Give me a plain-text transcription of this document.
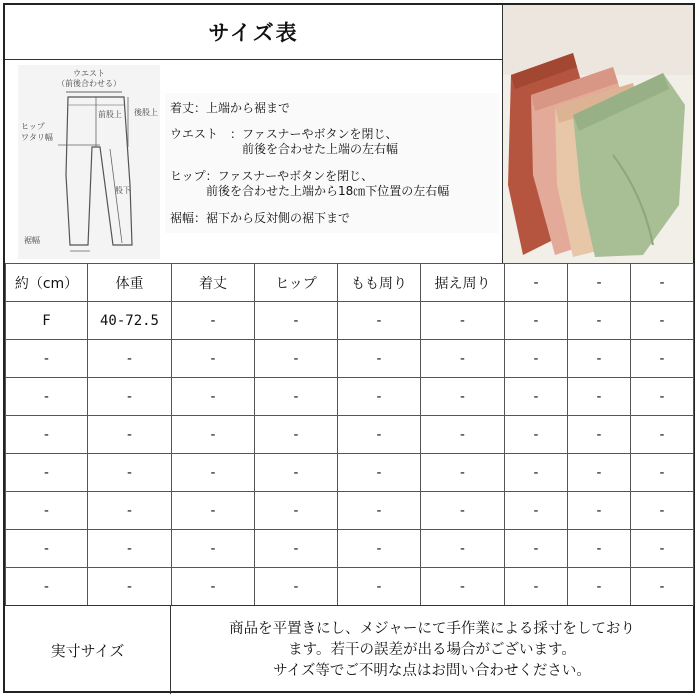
サイズ表
ウエスト
（前後合わせる）
ヒップ
ワタリ幅
後股上
前股上
股下
裾幅
着丈：上端から裾まで
ウエスト　：ファスナーやボタンを閉じ、
　　　　　　前後を合わせた上端の左右幅
ヒップ：ファスナーやボタンを閉じ、
　　　前後を合わせた上端から18㎝下位置の左右幅
裾幅：裾下から反対側の裾下まで
約（cm）	体重	着丈	ヒップ	もも周り	据え周り	-	-	-
F	40-72.5	-	-	-	-	-	-	-
-	-	-	-	-	-	-	-	-
-	-	-	-	-	-	-	-	-
-	-	-	-	-	-	-	-	-
-	-	-	-	-	-	-	-	-
-	-	-	-	-	-	-	-	-
-	-	-	-	-	-	-	-	-
-	-	-	-	-	-	-	-	-
実寸サイズ
商品を平置きにし、メジャーにて手作業による採寸をしており
ます。若干の誤差が出る場合がございます。
サイズ等でご不明な点はお問い合わせください。
